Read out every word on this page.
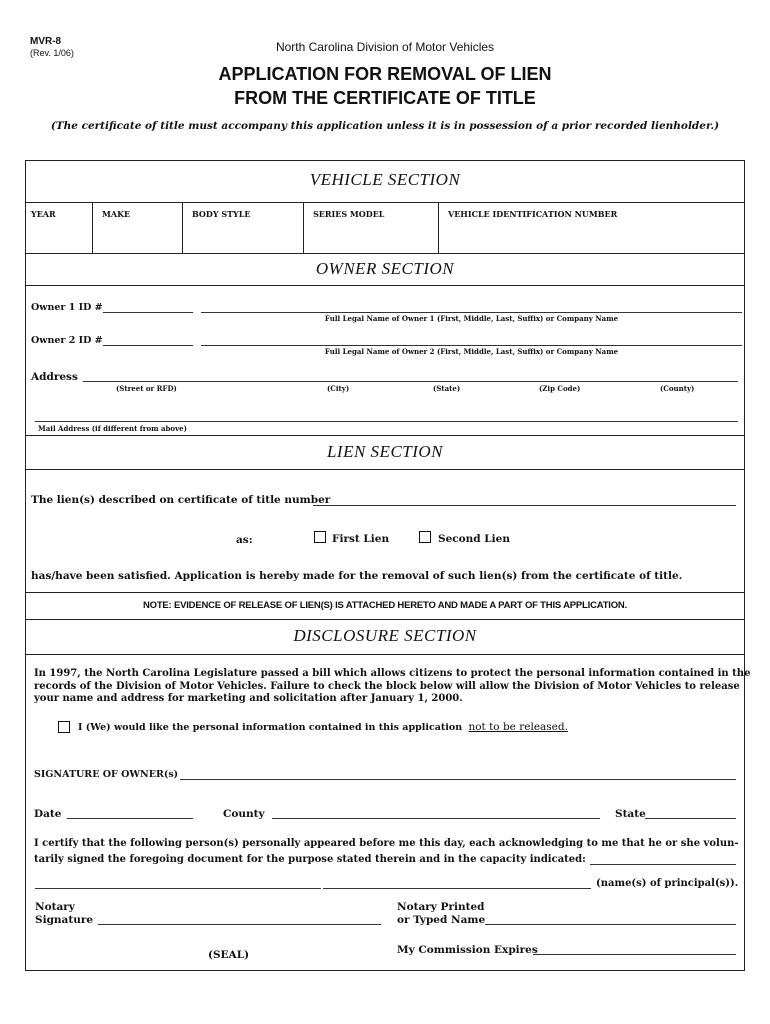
MVR-8
(Rev. 1/06)	North Carolina Division of Motor Vehicles
APPLICATION FOR REMOVAL OF LIEN
FROM THE CERTIFICATE OF TITLE
(The certificate of title must accompany this application unless it is in possession of a prior recorded lienholder.)
VEHICLE SECTION
YEAR	MAKE	BODY STYLE	SERIES MODEL	VEHICLE IDENTIFICATION NUMBER
OWNER SECTION
Owner 1 ID #
Full Legal Name of Owner 1 (First, Middle, Last, Suffix) or Company Name
Owner 2 ID #
Full Legal Name of Owner 2 (First, Middle, Last, Suffix) or Company Name
Address
(Street or RFD)	(City)	(State)	(Zip Code)	(County)
Mail Address (if different from above)
LIEN SECTION
The lien(s) described on certificate of title number
as:	First Lien	Second Lien
has/have been satisfied. Application is hereby made for the removal of such lien(s) from the certificate of title.
NOTE: EVIDENCE OF RELEASE OF LIEN(S) IS ATTACHED HERETO AND MADE A PART OF THIS APPLICATION.
DISCLOSURE SECTION
In 1997, the North Carolina Legislature passed a bill which allows citizens to protect the personal information contained in the
records of the Division of Motor Vehicles. Failure to check the block below will allow the Division of Motor Vehicles to release
your name and address for marketing and solicitation after January 1, 2000.
I (We) would like the personal information contained in this application not to be released.
SIGNATURE OF OWNER(s)
Date	County	State
I certify that the following person(s) personally appeared before me this day, each acknowledging to me that he or she volun-
tarily signed the foregoing document for the purpose stated therein and in the capacity indicated:
(name(s) of principal(s)).
Notary
Signature
Notary Printed
or Typed Name
(SEAL)	My Commission Expires
